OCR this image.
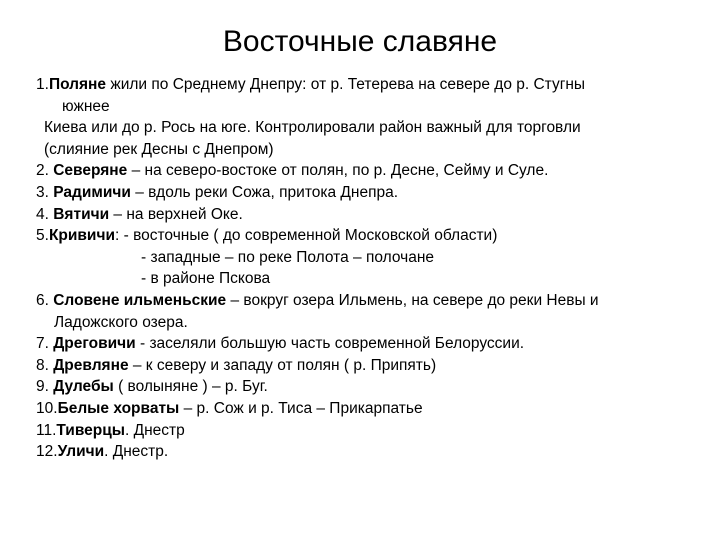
Восточные славяне
1.Поляне жили по Среднему Днепру: от р. Тетерева на севере до р. Стугны
южнее
Киева или до р. Рось на юге. Контролировали район важный для торговли
(слияние рек Десны с Днепром)
2. Северяне – на северо-востоке от полян, по р. Десне, Сейму и Суле.
3. Радимичи – вдоль реки Сожа, притока Днепра.
4. Вятичи – на верхней Оке.
5.Кривичи: - восточные ( до современной Московской области)
- западные – по реке Полота – полочане
- в районе Пскова
6. Словене ильменьские – вокруг озера Ильмень, на севере до реки Невы и
Ладожского озера.
7. Дреговичи - заселяли большую часть современной Белоруссии.
8. Древляне – к северу и западу от полян ( р. Припять)
9. Дулебы ( волыняне ) – р. Буг.
10.Белые хорваты – р. Сож и р. Тиса – Прикарпатье
11.Тиверцы. Днестр
12.Уличи. Днестр.
